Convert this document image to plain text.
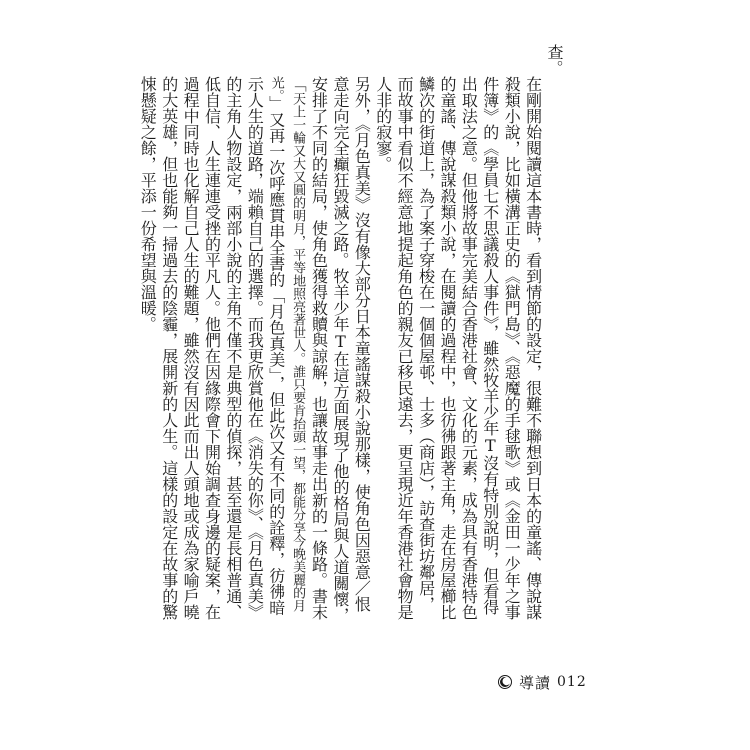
查。

在剛開始閱讀這本書時，看到情節的設定，很難不聯想到日本的童謠、傳說謀殺類小說，比如橫溝正史的《獄門島》、《惡魔的手毬歌》或《金田一少年之事件簿》的《學員七不思議殺人事件》，雖然牧羊少年T沒有特別說明，但看得出取法之意。但他將故事完美結合香港社會、文化的元素，成為具有香港特色的童謠、傳說謀殺類小說，在閱讀的過程中，也彷彿跟著主角，走在房屋櫛比鱗次的街道上，為了案子穿梭在一個個屋邨、士多（商店），訪查街坊鄰居，而故事中看似不經意地提起角色的親友已移民遠去，更呈現近年香港社會物是人非的寂寥。

另外，《月色真美》沒有像大部分日本童謠謀殺小說那樣，使角色因惡意／恨意走向完全癲狂毀滅之路。牧羊少年T在這方面展現了他的格局與人道關懷，安排了不同的結局，使角色獲得救贖與諒解，也讓故事走出新的一條路。書末「天上一輪又大又圓的明月，平等地照亮著世人。誰只要肯抬頭一望，都能分享今晚美麗的月光。」又再一次呼應貫串全書的「月色真美」，但此次又有不同的詮釋，彷彿暗示人生的道路，端賴自己的選擇。而我更欣賞他在《消失的你》、《月色真美》的主角人物設定，兩部小說的主角不僅不是典型的偵探，甚至還是長相普通、低自信、人生連連受挫的平凡人。他們在因緣際會下開始調查身邊的疑案，在過程中同時也化解自己人生的難題，雖然沒有因此而出人頭地或成為家喻戶曉的大英雄，但也能夠一掃過去的陰霾，展開新的人生。這樣的設定在故事的驚悚懸疑之餘，平添一份希望與溫暖。

導讀 012
